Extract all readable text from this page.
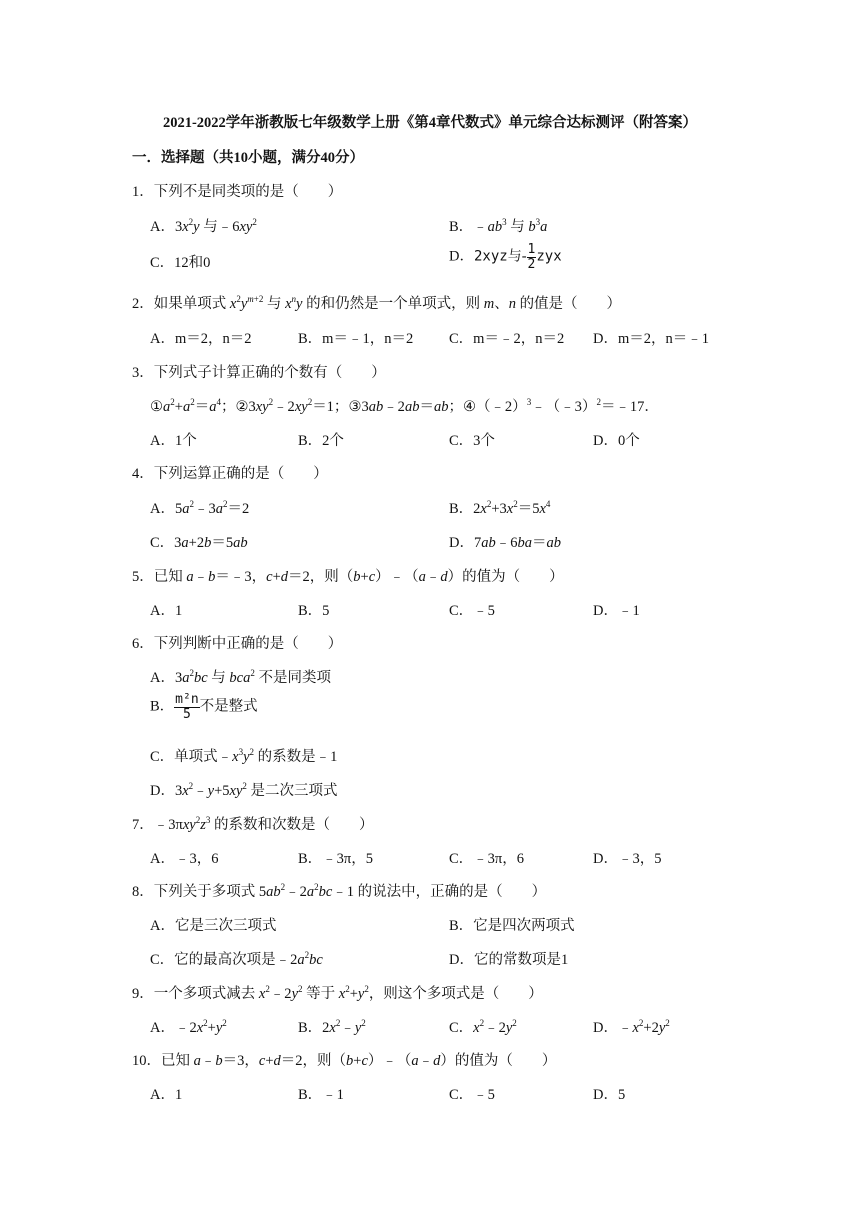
2021-2022学年浙教版七年级数学上册《第4章代数式》单元综合达标测评（附答案）
一．选择题（共10小题，满分40分）
1．下列不是同类项的是（　　）
A．$3x^2y$ 与$﹣6xy^2$	B．$﹣ab^3$ 与 $b^3a$
C．12和0	D．2xyz与- $\frac{1}{2}$ zyx
2．如果单项式 $x^2y^{m+2}$ 与 $x^ny$ 的和仍然是一个单项式，则 m、n 的值是（　　）
A．m＝2，n＝2	B．m＝﹣1，n＝2 C．m＝﹣2，n＝2 D．m＝2，n＝﹣1
3．下列式子计算正确的个数有（　　）
$①a^2+a^2=a^4$；$②3xy^2﹣2xy^2=1$；③3ab﹣2ab＝ab；④（﹣2）$^3$﹣（﹣3）$^2$＝﹣17．
A．1个	B．2个	C．3个	D．0个
4．下列运算正确的是（　　）
A．$5a^2﹣3a^2=2$	B．$2x^2+3x^2=5x^4$
C．3a+2b＝5ab	D．7ab﹣6ba＝ab
5．已知 a﹣b＝﹣3，c+d＝2，则（b+c）﹣（a﹣d）的值为（　　）
A．1	B．5	C．﹣5	D．﹣1
6．下列判断中正确的是（　　）
A．$3a^2bc$ 与 bca$^2$ 不是同类项
B． $\frac{\text{m²n}}{5}$ 不是整式
C．单项式$﹣x^3y^2$ 的系数是﹣1
D．$3x^2﹣y+5xy^2$ 是二次三项式
7．$﹣3\pi xy^2z^3$ 的系数和次数是（　　）
A．﹣3，6	B．﹣3π，5	C．﹣3π，6	D．﹣3，5
8．下列关于多项式 $5ab^2﹣2a^2bc﹣1$ 的说法中，正确的是（　　）
A．它是三次三项式	B．它是四次两项式
C．它的最高次项是$﹣2a^2bc$	D．它的常数项是1
9．一个多项式减去 $x^2﹣2y^2$ 等于 $x^2+y^2$，则这个多项式是（　　）
A．$﹣2x^2+y^2$	B．$2x^2﹣y^2$	C．$x^2﹣2y^2$	D．$﹣x^2+2y^2$
10．已知 a﹣b＝3，c+d＝2，则（b+c）﹣（a﹣d）的值为（　　）
A．1	B．﹣1	C．﹣5	D．5
